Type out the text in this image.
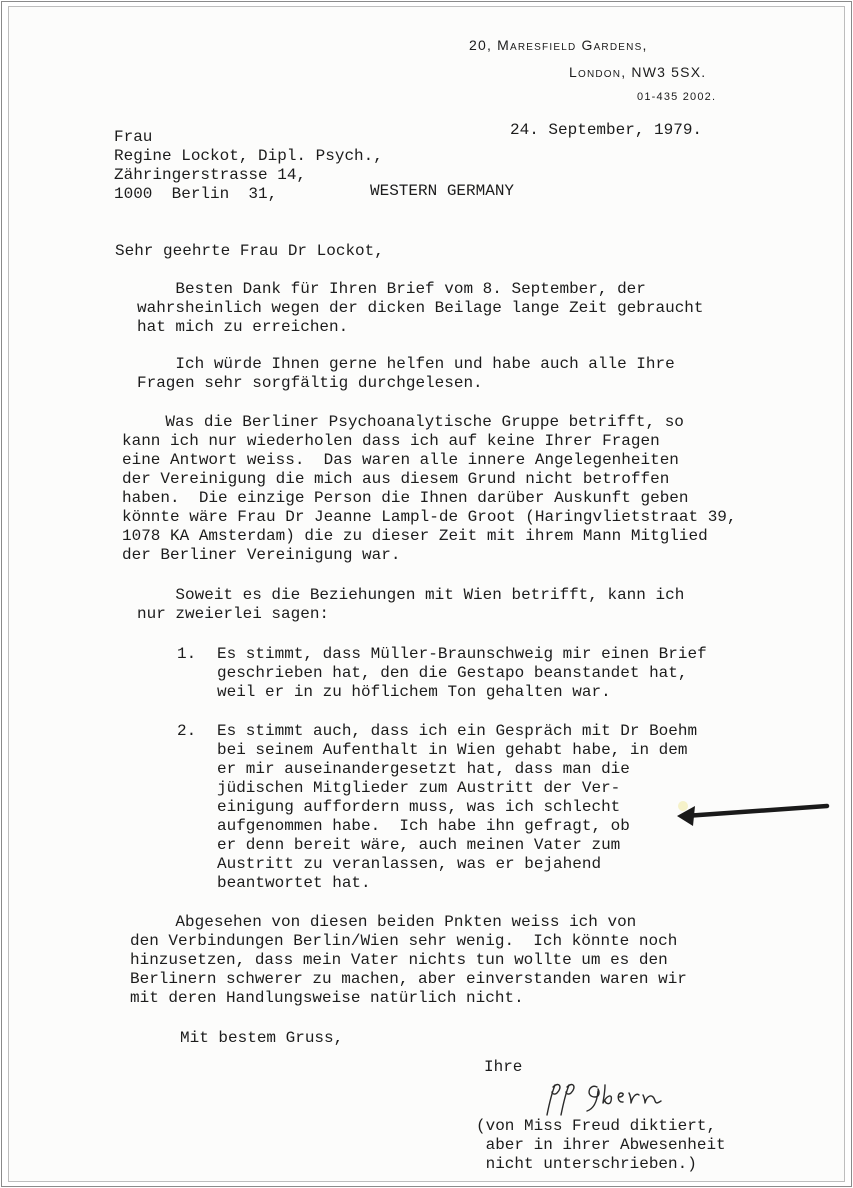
20, Maresfield Gardens,
London, NW3 5SX.
01-435 2002.
24. September, 1979.
Frau
Regine Lockot, Dipl. Psych.,
Zähringerstrasse 14,
1000  Berlin  31,	WESTERN GERMANY
Sehr geehrte Frau Dr Lockot,
Besten Dank für Ihren Brief vom 8. September, der
wahrsheinlich wegen der dicken Beilage lange Zeit gebraucht
hat mich zu erreichen.
Ich würde Ihnen gerne helfen und habe auch alle Ihre
Fragen sehr sorgfältig durchgelesen.
Was die Berliner Psychoanalytische Gruppe betrifft, so
kann ich nur wiederholen dass ich auf keine Ihrer Fragen
eine Antwort weiss.  Das waren alle innere Angelegenheiten
der Vereinigung die mich aus diesem Grund nicht betroffen
haben.  Die einzige Person die Ihnen darüber Auskunft geben
könnte wäre Frau Dr Jeanne Lampl-de Groot (Haringvlietstraat 39,
1078 KA Amsterdam) die zu dieser Zeit mit ihrem Mann Mitglied
der Berliner Vereinigung war.
Soweit es die Beziehungen mit Wien betrifft, kann ich
nur zweierlei sagen:
1. Es stimmt, dass Müller-Braunschweig mir einen Brief
geschrieben hat, den die Gestapo beanstandet hat,
weil er in zu höflichem Ton gehalten war.
2. Es stimmt auch, dass ich ein Gespräch mit Dr Boehm
bei seinem Aufenthalt in Wien gehabt habe, in dem
er mir auseinandergesetzt hat, dass man die
jüdischen Mitglieder zum Austritt der Ver-
einigung auffordern muss, was ich schlecht
aufgenommen habe.  Ich habe ihn gefragt, ob
er denn bereit wäre, auch meinen Vater zum
Austritt zu veranlassen, was er bejahend
beantwortet hat.
Abgesehen von diesen beiden Pnkten weiss ich von
den Verbindungen Berlin/Wien sehr wenig.  Ich könnte noch
hinzusetzen, dass mein Vater nichts tun wollte um es den
Berlinern schwerer zu machen, aber einverstanden waren wir
mit deren Handlungsweise natürlich nicht.
Mit bestem Gruss,
Ihre
(von Miss Freud diktiert,
aber in ihrer Abwesenheit
nicht unterschrieben.)
